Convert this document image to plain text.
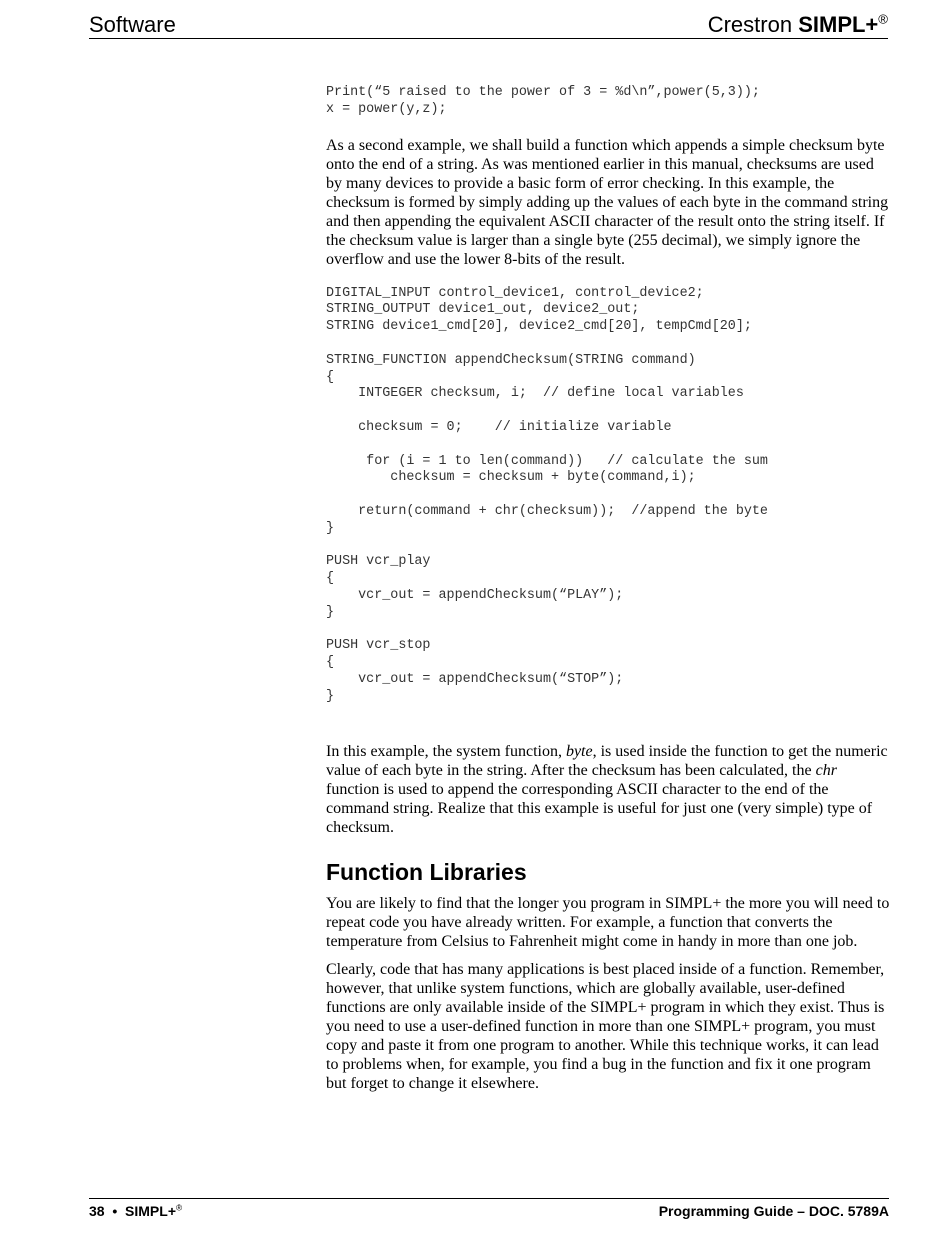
Software	Crestron SIMPL+®
Print(“5 raised to the power of 3 = %d\n”,power(5,3));
x = power(y,z);

As a second example, we shall build a function which appends a simple checksum byte onto the end of a string. As was mentioned earlier in this manual, checksums are used by many devices to provide a basic form of error checking. In this example, the checksum is formed by simply adding up the values of each byte in the command string and then appending the equivalent ASCII character of the result onto the string itself. If the checksum value is larger than a single byte (255 decimal), we simply ignore the overflow and use the lower 8-bits of the result.

DIGITAL_INPUT control_device1, control_device2;
STRING_OUTPUT device1_out, device2_out;
STRING device1_cmd[20], device2_cmd[20], tempCmd[20];

STRING_FUNCTION appendChecksum(STRING command)
{
INTGEGER checksum, i;  // define local variables

checksum = 0;    // initialize variable

for (i = 1 to len(command))   // calculate the sum
checksum = checksum + byte(command,i);

return(command + chr(checksum));  //append the byte
}

PUSH vcr_play
{
vcr_out = appendChecksum(“PLAY”);
}

PUSH vcr_stop
{
vcr_out = appendChecksum(“STOP”);
}

In this example, the system function, byte, is used inside the function to get the numeric value of each byte in the string. After the checksum has been calculated, the chr function is used to append the corresponding ASCII character to the end of the command string. Realize that this example is useful for just one (very simple) type of checksum.

Function Libraries

You are likely to find that the longer you program in SIMPL+ the more you will need to repeat code you have already written. For example, a function that converts the temperature from Celsius to Fahrenheit might come in handy in more than one job.

Clearly, code that has many applications is best placed inside of a function. Remember, however, that unlike system functions, which are globally available, user-defined functions are only available inside of the SIMPL+ program in which they exist. Thus is you need to use a user-defined function in more than one SIMPL+ program, you must copy and paste it from one program to another. While this technique works, it can lead to problems when, for example, you find a bug in the function and fix it one program but forget to change it elsewhere.

38 • SIMPL+®	Programming Guide – DOC. 5789A
